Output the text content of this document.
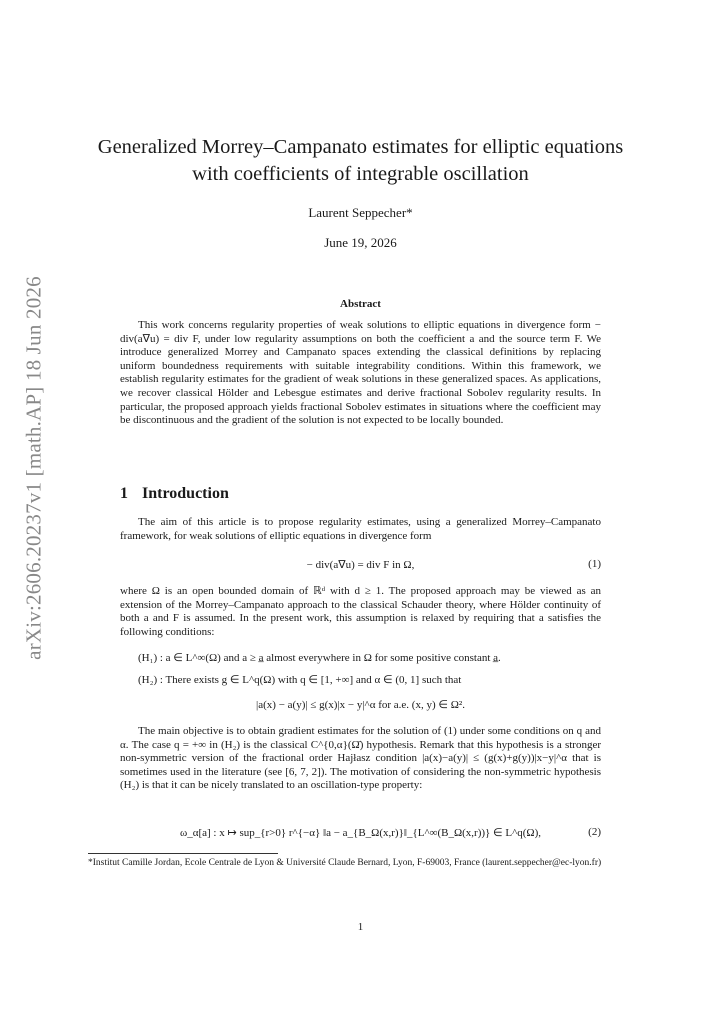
arXiv:2606.20237v1 [math.AP] 18 Jun 2026
Generalized Morrey–Campanato estimates for elliptic equations
with coefficients of integrable oscillation
Laurent Seppecher*
June 19, 2026
Abstract

This work concerns regularity properties of weak solutions to elliptic equations in divergence form − div(a∇u) = div F, under low regularity assumptions on both the coefficient a and the source term F. We introduce generalized Morrey and Campanato spaces extending the classical definitions by replacing uniform boundedness requirements with suitable integrability conditions. Within this framework, we establish regularity estimates for the gradient of weak solutions in these generalized spaces. As applications, we recover classical Hölder and Lebesgue estimates and derive fractional Sobolev regularity results. In particular, the proposed approach yields fractional Sobolev estimates in situations where the coefficient may be discontinuous and the gradient of the solution is not expected to be locally bounded.

1 Introduction

The aim of this article is to propose regularity estimates, using a generalized Morrey–Campanato framework, for weak solutions of elliptic equations in divergence form

− div(a∇u) = div F in Ω,	(1)

where Ω is an open bounded domain of ℝᵈ with d ≥ 1. The proposed approach may be viewed as an extension of the Morrey–Campanato approach to the classical Schauder theory, where Hölder continuity of both a and F is assumed. In the present work, this assumption is relaxed by requiring that a satisfies the following conditions:

(H₁) : a ∈ L^∞(Ω) and a ≥ a̲ almost everywhere in Ω for some positive constant a̲.
(H₂) : There exists g ∈ L^q(Ω) with q ∈ [1, +∞] and α ∈ (0, 1] such that
|a(x) − a(y)| ≤ g(x)|x − y|^α for a.e. (x, y) ∈ Ω².

The main objective is to obtain gradient estimates for the solution of (1) under some conditions on q and α. The case q = +∞ in (H₂) is the classical C^{0,α}(Ω̄) hypothesis. Remark that this hypothesis is a stronger non-symmetric version of the fractional order Hajłasz condition |a(x)−a(y)| ≤ (g(x)+g(y))|x−y|^α that is sometimes used in the literature (see [6, 7, 2]). The motivation of considering the non-symmetric hypothesis (H₂) is that it can be nicely translated to an oscillation-type property:

ω_α[a] : x ↦ sup_{r>0} r^{−α} ‖a − a_{B_Ω(x,r)}‖_{L^∞(B_Ω(x,r))} ∈ L^q(Ω),	(2)

*Institut Camille Jordan, Ecole Centrale de Lyon & Université Claude Bernard, Lyon, F-69003, France (laurent.seppecher@ec-lyon.fr)

1
